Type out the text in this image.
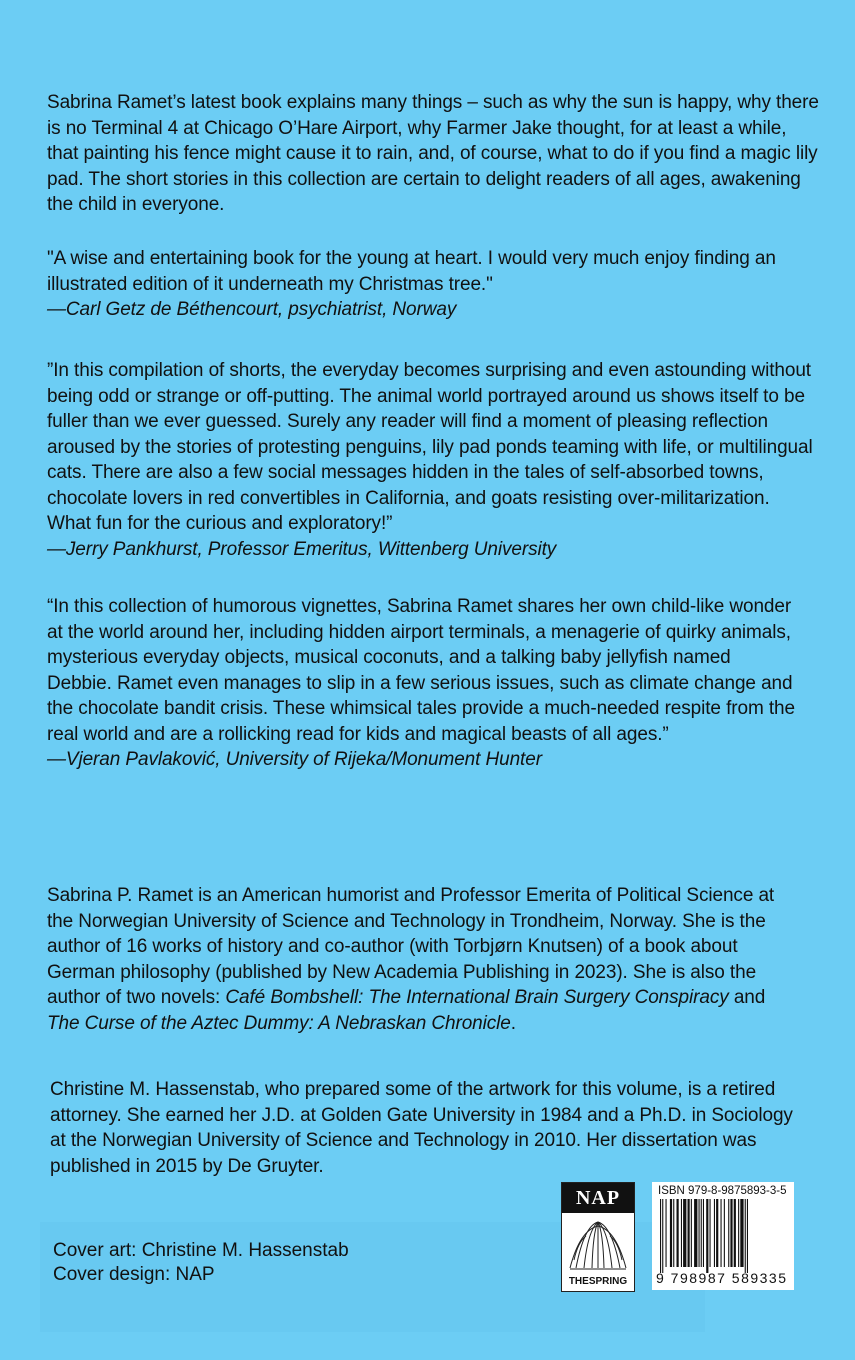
Sabrina Ramet’s latest book explains many things – such as why the sun is happy, why there is no Terminal 4 at Chicago O’Hare Airport, why Farmer Jake thought, for at least a while, that painting his fence might cause it to rain, and, of course, what to do if you find a magic lily pad. The short stories in this collection are certain to delight readers of all ages, awakening the child in everyone.

"A wise and entertaining book for the young at heart. I would very much enjoy finding an illustrated edition of it underneath my Christmas tree."

—Carl Getz de Béthencourt, psychiatrist, Norway

”In this compilation of shorts, the everyday becomes surprising and even astounding without being odd or strange or off-putting. The animal world portrayed around us shows itself to be fuller than we ever guessed. Surely any reader will find a moment of pleasing reflection aroused by the stories of protesting penguins, lily pad ponds teaming with life, or multilingual cats. There are also a few social messages hidden in the tales of self-absorbed towns, chocolate lovers in red convertibles in California, and goats resisting over-militarization. What fun for the curious and exploratory!”

—Jerry Pankhurst, Professor Emeritus, Wittenberg University

“In this collection of humorous vignettes, Sabrina Ramet shares her own child-like wonder at the world around her, including hidden airport terminals, a menagerie of quirky animals, mysterious everyday objects, musical coconuts, and a talking baby jellyfish named Debbie. Ramet even manages to slip in a few serious issues, such as climate change and the chocolate bandit crisis. These whimsical tales provide a much-needed respite from the real world and are a rollicking read for kids and magical beasts of all ages.”

—Vjeran Pavlaković, University of Rijeka/Monument Hunter

Sabrina P. Ramet is an American humorist and Professor Emerita of Political Science at the Norwegian University of Science and Technology in Trondheim, Norway. She is the author of 16 works of history and co-author (with Torbjørn Knutsen) of a book about German philosophy (published by New Academia Publishing in 2023). She is also the author of two novels: Café Bombshell: The International Brain Surgery Conspiracy and The Curse of the Aztec Dummy: A Nebraskan Chronicle.

Christine M. Hassenstab, who prepared some of the artwork for this volume, is a retired attorney. She earned her J.D. at Golden Gate University in 1984 and a Ph.D. in Sociology at the Norwegian University of Science and Technology in 2010. Her dissertation was published in 2015 by De Gruyter.

Cover art: Christine M. Hassenstab

Cover design: NAP

NAP
THESPRING
ISBN 979-8-9875893-3-5
9 798987 589335
